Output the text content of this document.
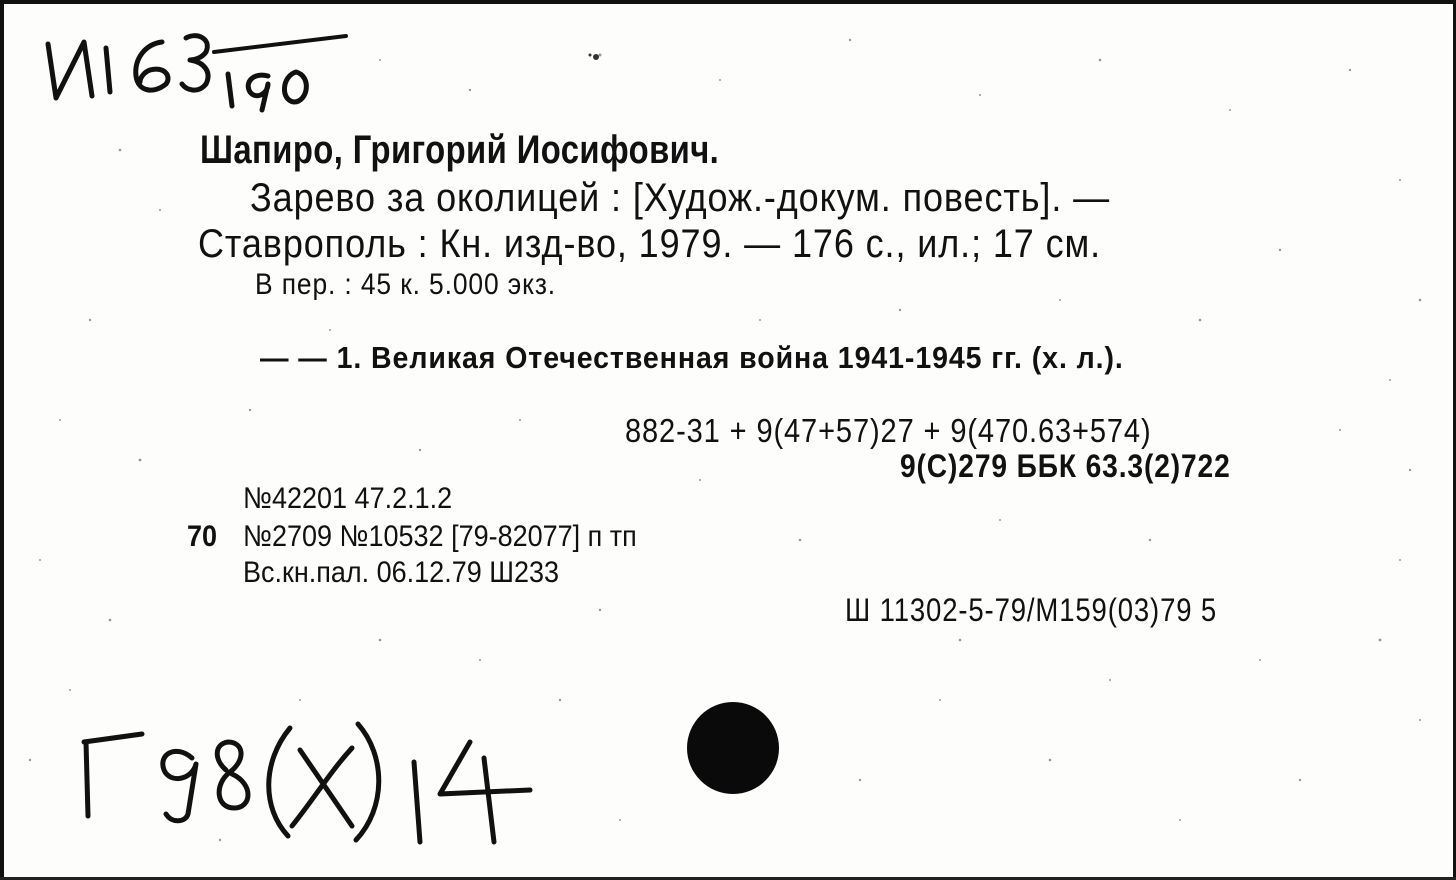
Шапиро, Григорий Иосифович.
Зарево за околицей : [Худож.-докум. повесть]. —
Ставрополь : Кн. изд-во, 1979. — 176 с., ил.; 17 см.
В пер. : 45 к. 5.000 экз.
— — 1. Великая Отечественная война 1941-1945 гг. (х. л.).
882-31 + 9(47+57)27 + 9(470.63+574)
9(С)279 ББК 63.3(2)722
№42201 47.2.1.2
70 №2709 №10532 [79-82077] п тп
Вс.кн.пал. 06.12.79 Ш233
Ш 11302-5-79/М159(03)79 5
